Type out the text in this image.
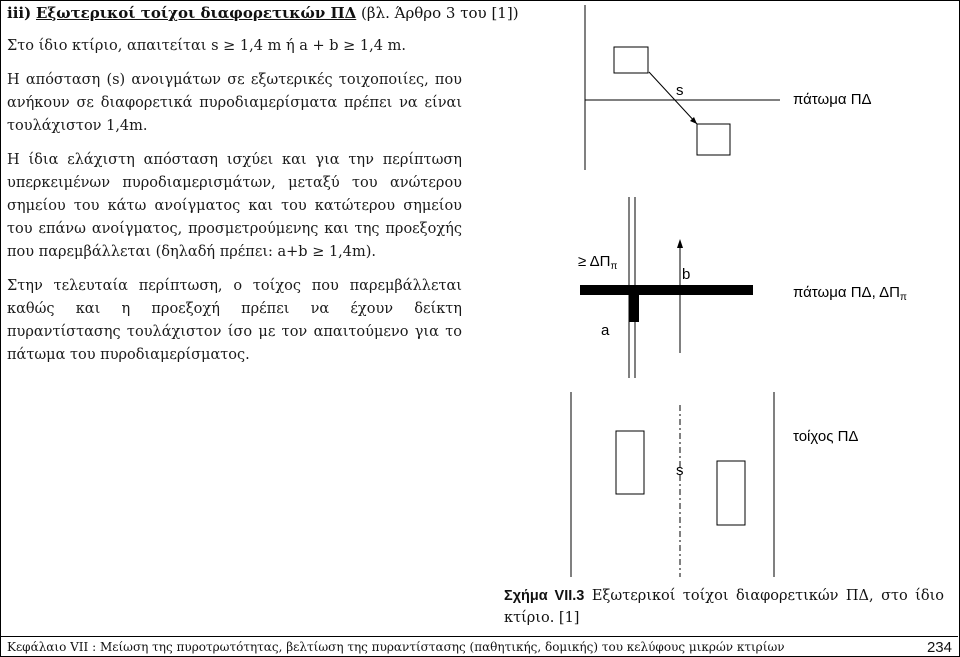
iii) Εξωτερικοί τοίχοι διαφορετικών ΠΔ (βλ. Άρθρο 3 του [1])

Στο ίδιο κτίριο, απαιτείται s ≥ 1,4 m ή a + b ≥ 1,4 m.

Η απόσταση (s) ανοιγμάτων σε εξωτερικές τοιχοποιίες, που ανήκουν σε διαφορετικά πυροδιαμερίσματα πρέπει να είναι τουλάχιστον 1,4m.

Η ίδια ελάχιστη απόσταση ισχύει και για την περίπτωση υπερκειμένων πυροδιαμερισμάτων, μεταξύ του ανώτερου σημείου του κάτω ανοίγματος και του κατώτερου σημείου του επάνω ανοίγματος, προσμετρούμενης και της προεξοχής που παρεμβάλλεται (δηλαδή πρέπει: a+b ≥ 1,4m).

Στην τελευταία περίπτωση, ο τοίχος που παρεμβάλλεται καθώς και η προεξοχή πρέπει να έχουν δείκτη πυραντίστασης τουλάχιστον ίσο με τον απαιτούμενο για το πάτωμα του πυροδιαμερίσματος.

s
πάτωμα ΠΔ
≥ $\Delta\Pi_\pi$	b
a
πάτωμα ΠΔ, $\Delta\Pi_\pi$
τοίχος ΠΔ
s
Σχήμα VII.3 Εξωτερικοί τοίχοι διαφορετικών ΠΔ, στο ίδιο κτίριο. [1]
Κεφάλαιο VII : Μείωση της πυροτρωτότητας, βελτίωση της πυραντίστασης (παθητικής, δομικής) του κελύφους μικρών κτιρίων	234
